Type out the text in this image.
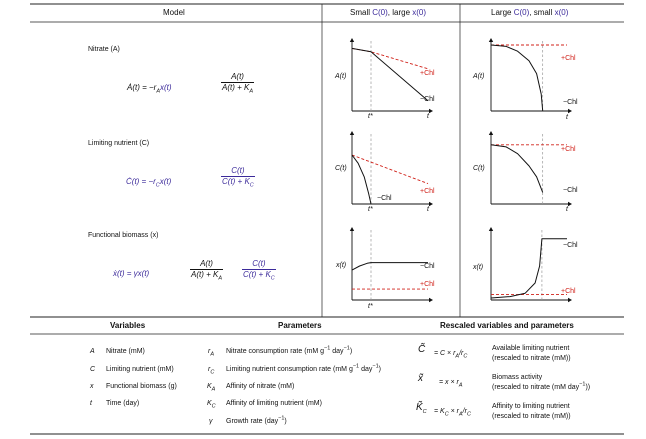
Model	Small C(0), large x(0)	Large C(0), small x(0)
Nitrate (A)
Ȧ(t) = $-r_Ax(t)$	$\frac{A(t)}{A(t) + K_A}$
Limiting nutrient (C)
Ċ(t) = $-r_Cx(t)$	$\frac{C(t)}{C(t) + K_C}$
Functional biomass (x)
ẋ(t) = γx(t)	$\frac{A(t)}{A(t) + K_A} \frac{C(t)}{C(t) + K_C}$
A(t)	A(t)
+Chl
−Chl
+Chl
−Chl
t*	t	t
C(t)	C(t)
+Chl
−Chl
+Chl
−Chl
t*	t	t
x(t)	x(t)
−Chl
+Chl
−Chl
+Chl
t*
Variables	Parameters	Rescaled variables and parameters
A Nitrate (mM)
C Limiting nutrient (mM)
x Functional biomass (g)
t Time (day)
$r_A$ Nitrate consumption rate (mM $g^{-1}$ day$^{-1}$)
$r_C$ Limiting nutrient consumption rate (mM $g^{-1}$ day$^{-1}$)
$K_A$ Affinity of nitrate (mM)
$K_C$ Affinity of limiting nutrient (mM)
γ Growth rate (day$^{-1}$)
C̃ = $C \times r_A/r_C$
Available limiting nutrient
(rescaled to nitrate (mM))
x̃ = $x \times r_A$
Biomass activity
(rescaled to nitrate (mM day$^{-1}$))
$K̃_C = K_C \times r_A/r_C$
Affinity to limiting nutrient
(rescaled to nitrate (mM))
